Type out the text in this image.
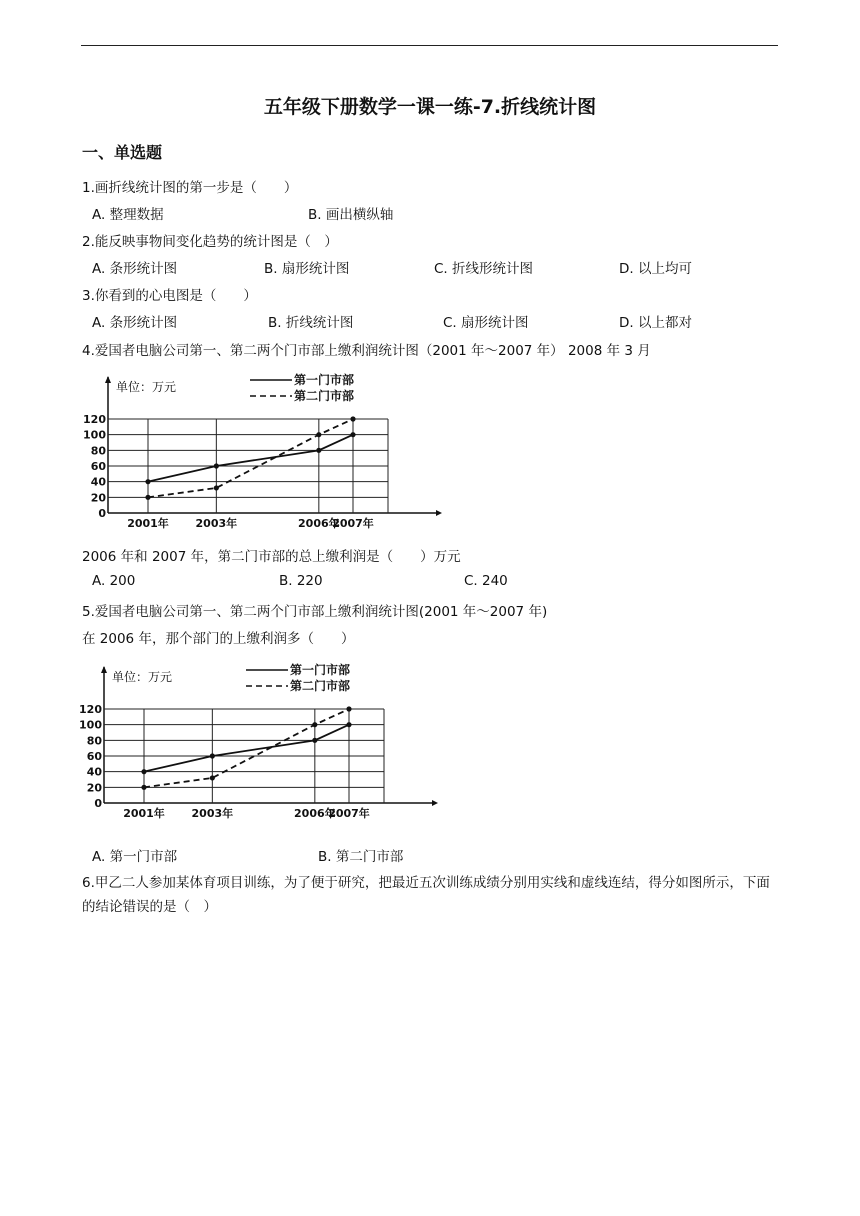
五年级下册数学一课一练-7.折线统计图
一、单选题
1.画折线统计图的第一步是（　　）
A. 整理数据	B. 画出横纵轴
2.能反映事物间变化趋势的统计图是（　）
A. 条形统计图	B. 扇形统计图	C. 折线形统计图	D. 以上均可
3.你看到的心电图是（　　）
A. 条形统计图	B. 折线统计图	C. 扇形统计图	D. 以上都对
4.爱国者电脑公司第一、第二两个门市部上缴利润统计图（2001 年～2007 年） 2008 年 3 月
0
20
40
60
80
100
120
2001年 2003年	2006年
2007年
单位：万元	第一门市部
第二门市部
2006 年和 2007 年，第二门市部的总上缴利润是（　　）万元
A. 200	B. 220	C. 240
5.爱国者电脑公司第一、第二两个门市部上缴利润统计图(2001 年～2007 年)
在 2006 年，那个部门的上缴利润多（　　）
0
20
40
60
80
100
120
2001年 2003年	2006年
2007年
单位：万元	第一门市部
第二门市部
A. 第一门市部	B. 第二门市部
6.甲乙二人参加某体育项目训练，为了便于研究，把最近五次训练成绩分别用实线和虚线连结，得分如图所示，下面的结论错误的是（　）
